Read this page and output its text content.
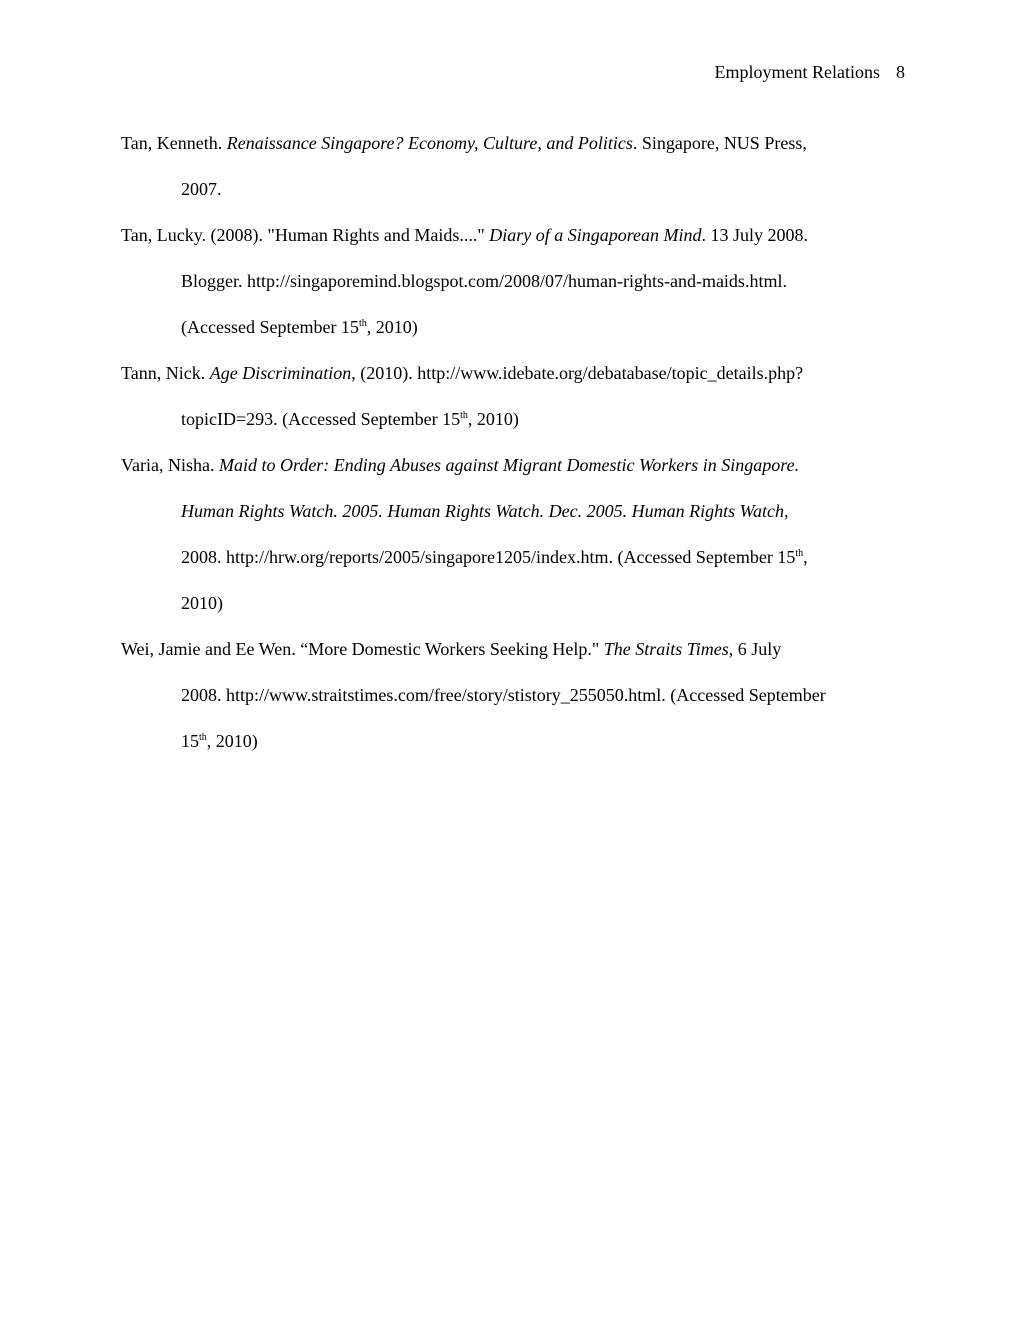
Employment Relations 8
Tan, Kenneth. Renaissance Singapore? Economy, Culture, and Politics. Singapore, NUS Press,
2007.
Tan, Lucky. (2008). "Human Rights and Maids...." Diary of a Singaporean Mind. 13 July 2008.
Blogger. http://singaporemind.blogspot.com/2008/07/human-rights-and-maids.html.
(Accessed September 15th, 2010)
Tann, Nick. Age Discrimination, (2010). http://www.idebate.org/debatabase/topic_details.php?
topicID=293. (Accessed September 15th, 2010)
Varia, Nisha. Maid to Order: Ending Abuses against Migrant Domestic Workers in Singapore.
Human Rights Watch. 2005. Human Rights Watch. Dec. 2005. Human Rights Watch,
2008. http://hrw.org/reports/2005/singapore1205/index.htm. (Accessed September 15th,
2010)
Wei, Jamie and Ee Wen. “More Domestic Workers Seeking Help." The Straits Times, 6 July
2008. http://www.straitstimes.com/free/story/stistory_255050.html. (Accessed September
15th, 2010)
